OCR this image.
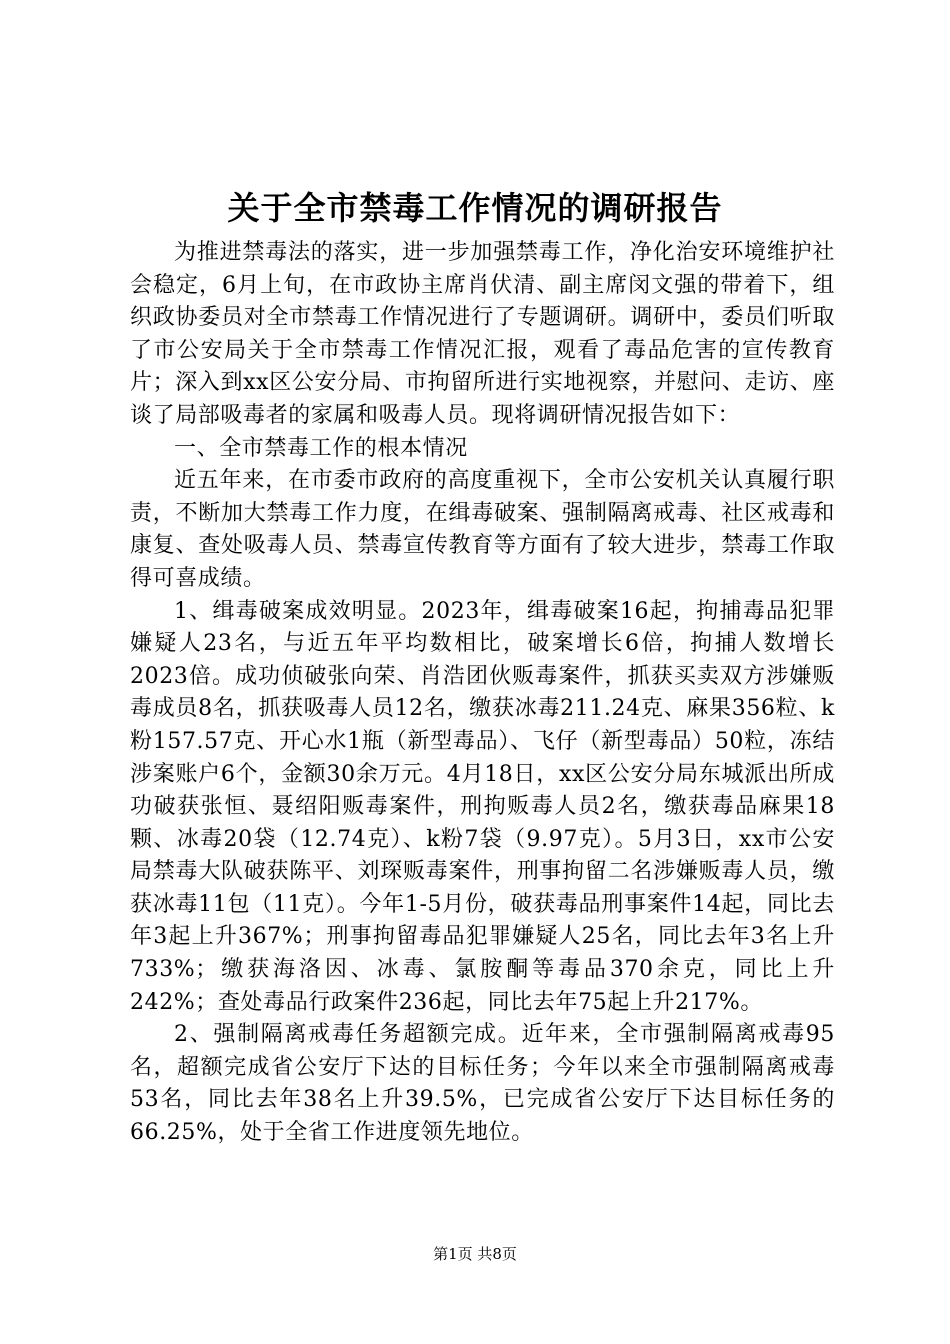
关于全市禁毒工作情况的调研报告

为推进禁毒法的落实，进一步加强禁毒工作，净化治安环境维护社会稳定，6月上旬，在市政协主席肖伏清、副主席闵文强的带着下，组织政协委员对全市禁毒工作情况进行了专题调研。调研中，委员们听取了市公安局关于全市禁毒工作情况汇报，观看了毒品危害的宣传教育片；深入到xx区公安分局、市拘留所进行实地视察，并慰问、走访、座谈了局部吸毒者的家属和吸毒人员。现将调研情况报告如下：

一、全市禁毒工作的根本情况

近五年来，在市委市政府的高度重视下，全市公安机关认真履行职责，不断加大禁毒工作力度，在缉毒破案、强制隔离戒毒、社区戒毒和康复、查处吸毒人员、禁毒宣传教育等方面有了较大进步，禁毒工作取得可喜成绩。

1、缉毒破案成效明显。2023年，缉毒破案16起，拘捕毒品犯罪嫌疑人23名，与近五年平均数相比，破案增长6倍，拘捕人数增长2023倍。成功侦破张向荣、肖浩团伙贩毒案件，抓获买卖双方涉嫌贩毒成员8名，抓获吸毒人员12名，缴获冰毒211.24克、麻果356粒、k粉157.57克、开心水1瓶（新型毒品）、飞仔（新型毒品）50粒，冻结涉案账户6个，金额30余万元。4月18日，xx区公安分局东城派出所成功破获张恒、聂绍阳贩毒案件，刑拘贩毒人员2名，缴获毒品麻果18颗、冰毒20袋（12.74克）、k粉7袋（9.97克）。5月3日，xx市公安局禁毒大队破获陈平、刘琛贩毒案件，刑事拘留二名涉嫌贩毒人员，缴获冰毒11包（11克）。今年1-5月份，破获毒品刑事案件14起，同比去年3起上升367%；刑事拘留毒品犯罪嫌疑人25名，同比去年3名上升733%；缴获海洛因、冰毒、氯胺酮等毒品370余克，同比上升242%；查处毒品行政案件236起，同比去年75起上升217%。

2、强制隔离戒毒任务超额完成。近年来，全市强制隔离戒毒95名，超额完成省公安厅下达的目标任务；今年以来全市强制隔离戒毒53名，同比去年38名上升39.5%，已完成省公安厅下达目标任务的66.25%，处于全省工作进度领先地位。

第1页 共8页
